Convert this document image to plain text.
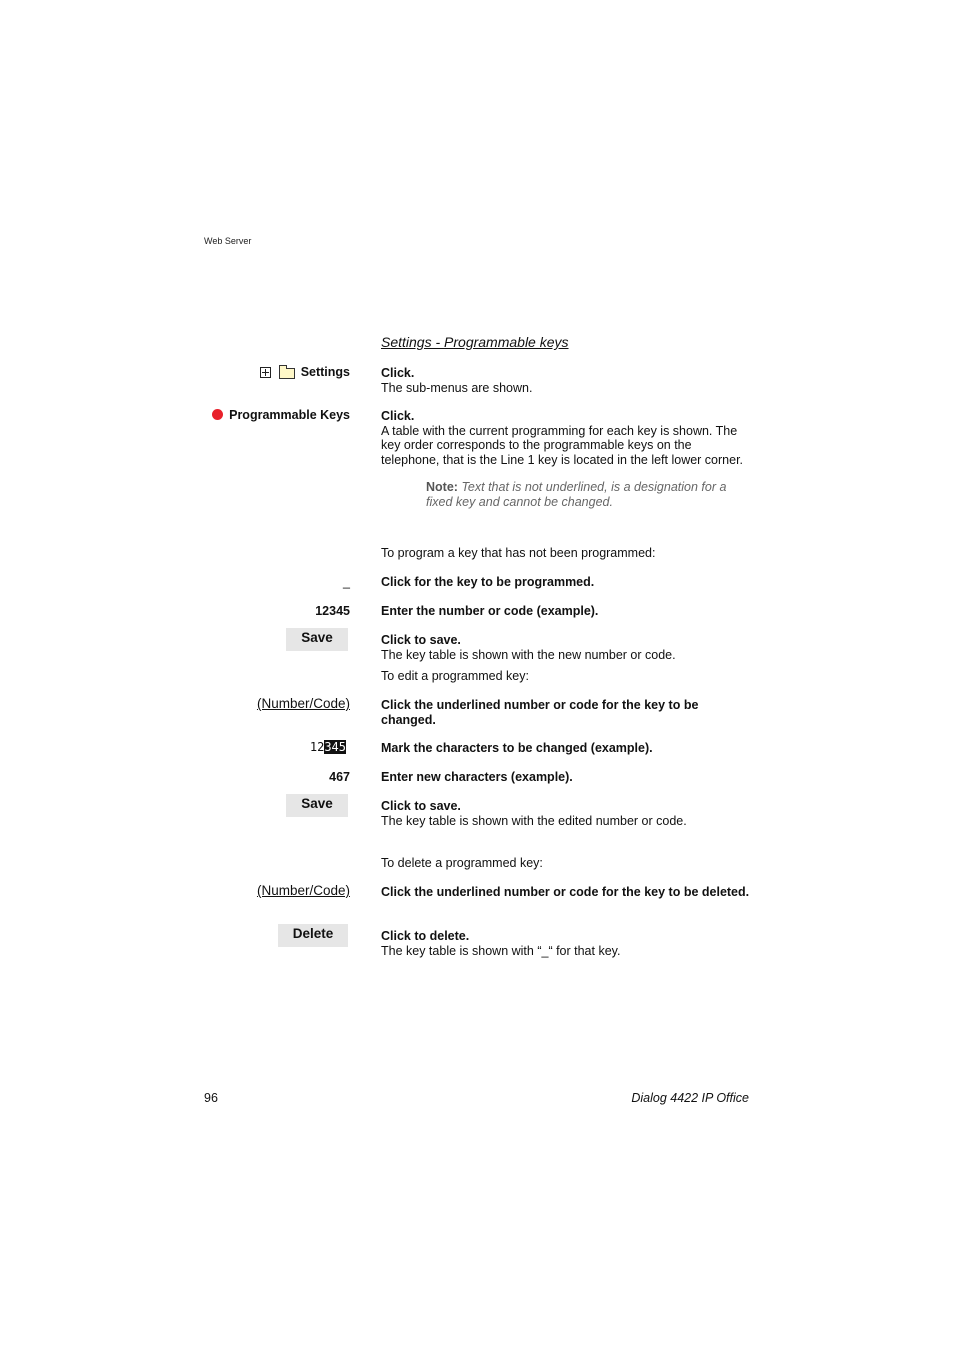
Web Server
Settings - Programmable keys
Settings Click.
The sub-menus are shown.
Programmable Keys Click.
A table with the current programming for each key is shown. The key order corresponds to the programmable keys on the telephone, that is the Line 1 key is located in the left lower corner.
Note: Text that is not underlined, is a designation for a fixed key and cannot be changed.
To program a key that has not been programmed:
_ Click for the key to be programmed.
12345 Enter the number or code (example).
Save	Click to save.
The key table is shown with the new number or code.
To edit a programmed key:
(Number/Code) Click the underlined number or code for the key to be changed.
12345	Mark the characters to be changed (example).
467 Enter new characters (example).
Save	Click to save.
The key table is shown with the edited number or code.
To delete a programmed key:
(Number/Code) Click the underlined number or code for the key to be deleted.
Delete	Click to delete.
The key table is shown with “_“ for that key.
96	Dialog 4422 IP Office
